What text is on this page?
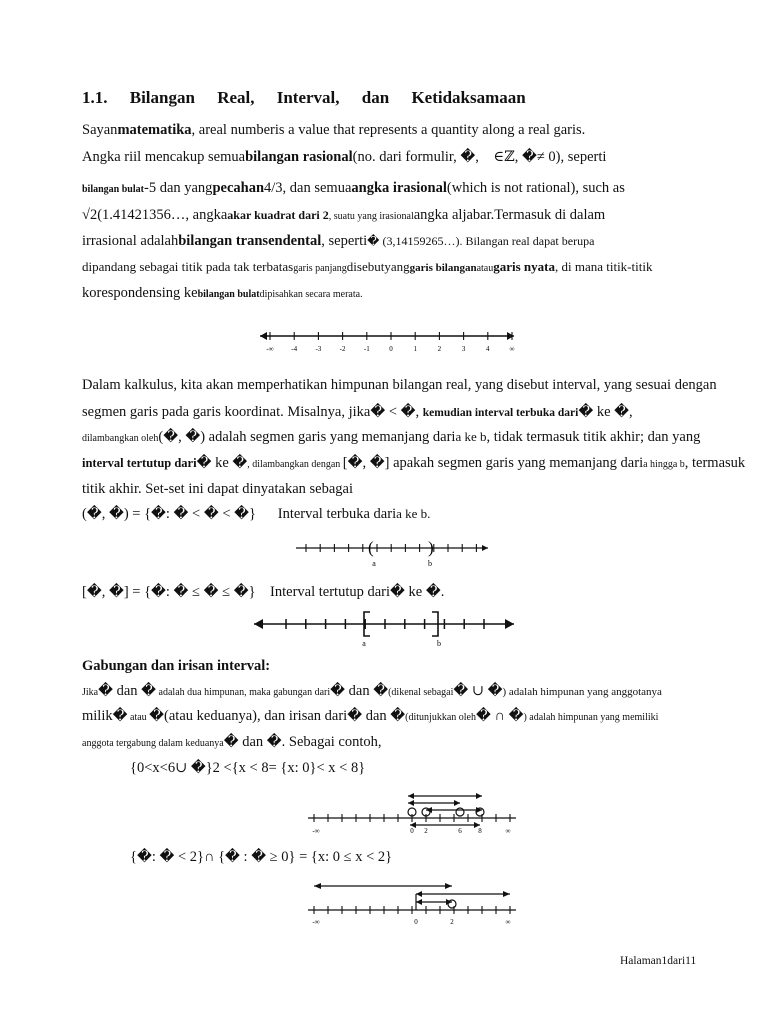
1.1. Bilangan Real, Interval, dan Ketidaksamaan
Sayanmatematika, areal numberis a value that represents a quantity along a real garis.
Angka riil mencakup semuabilangan rasional(no. dari formulir, �, ∈ℤ, �≠ 0), seperti
bilangan bulat-5 dan yangpecahan4/3, dan semuaangka irasional(which is not rational), such as
√2(1.41421356…, angkaakar kuadrat dari 2, suatu yang irasionalangka aljabar.Termasuk di dalam
irrasional adalahbilangan transendental, seperti� (3,14159265…). Bilangan real dapat berupa
dipandang sebagai titik pada tak terbatasgaris panjangdisebutyanggaris bilanganataugaris nyata, di mana titik-titik
korespondensing kebilangan bulatdipisahkan secara merata.
-∞	-4	-3	-2	-1	0	1	2	3	4	∞
Dalam kalkulus, kita akan memperhatikan himpunan bilangan real, yang disebut interval, yang sesuai dengan
segmen garis pada garis koordinat. Misalnya, jika� < �, kemudian interval terbuka dari� ke �,
dilambangkan oleh(�, �) adalah segmen garis yang memanjang daria ke b, tidak termasuk titik akhir; dan yang
interval tertutup dari� ke �, dilambangkan dengan [�, �] apakah segmen garis yang memanjang daria hingga b, termasuk
titik akhir. Set-set ini dapat dinyatakan sebagai
(�, �) = {�: � < � < �} Interval terbuka daria ke b.
(	)
a	b
[�, �] = {�: � ≤ � ≤ �} Interval tertutup dari� ke �.
a	b
Gabungan dan irisan interval:
Jika� dan � adalah dua himpunan, maka gabungan dari� dan �(dikenal sebagai� ∪ �) adalah himpunan yang anggotanya
milik� atau �(atau keduanya), dan irisan dari� dan �(ditunjukkan oleh� ∩ �) adalah himpunan yang memiliki
anggota tergabung dalam keduanya� dan �. Sebagai contoh,
{0<x<6∪ �}2 <{x < 8= {x: 0}< x < 8}
-∞	0 2	6 8	∞
{�: � < 2}∩ {� : � ≥ 0} = {x: 0 ≤ x < 2}
-∞	0	2	∞
Halaman1dari11
